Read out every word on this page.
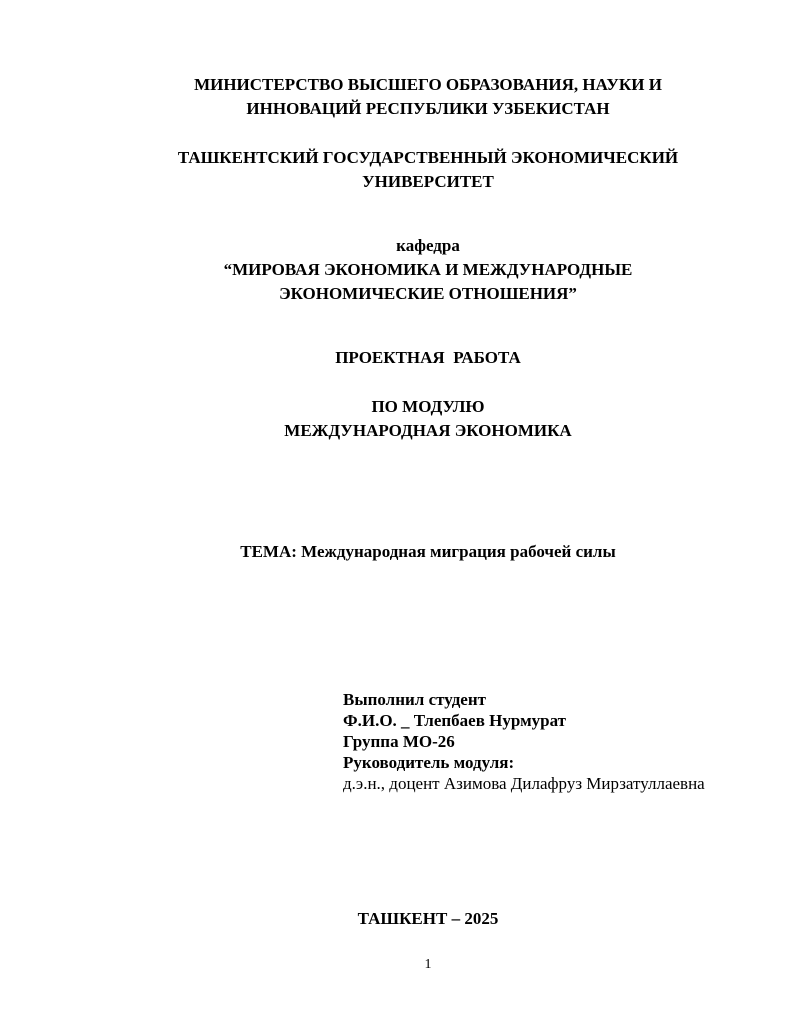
МИНИСТЕРСТВО ВЫСШЕГО ОБРАЗОВАНИЯ, НАУКИ И
ИННОВАЦИЙ РЕСПУБЛИКИ УЗБЕКИСТАН
ТАШКЕНТСКИЙ ГОСУДАРСТВЕННЫЙ ЭКОНОМИЧЕСКИЙ
УНИВЕРСИТЕТ
кафедра
“МИРОВАЯ ЭКОНОМИКА И МЕЖДУНАРОДНЫЕ
ЭКОНОМИЧЕСКИЕ ОТНОШЕНИЯ”
ПРОЕКТНАЯ  РАБОТА
ПО МОДУЛЮ
МЕЖДУНАРОДНАЯ ЭКОНОМИКА
ТЕМА: Международная миграция рабочей силы
Выполнил студент
Ф.И.О. _ Тлепбаев Нурмурат
Группа МО-26
Руководитель модуля:
д.э.н., доцент Азимова Дилафруз Мирзатуллаевна
ТАШКЕНТ – 2025
1
